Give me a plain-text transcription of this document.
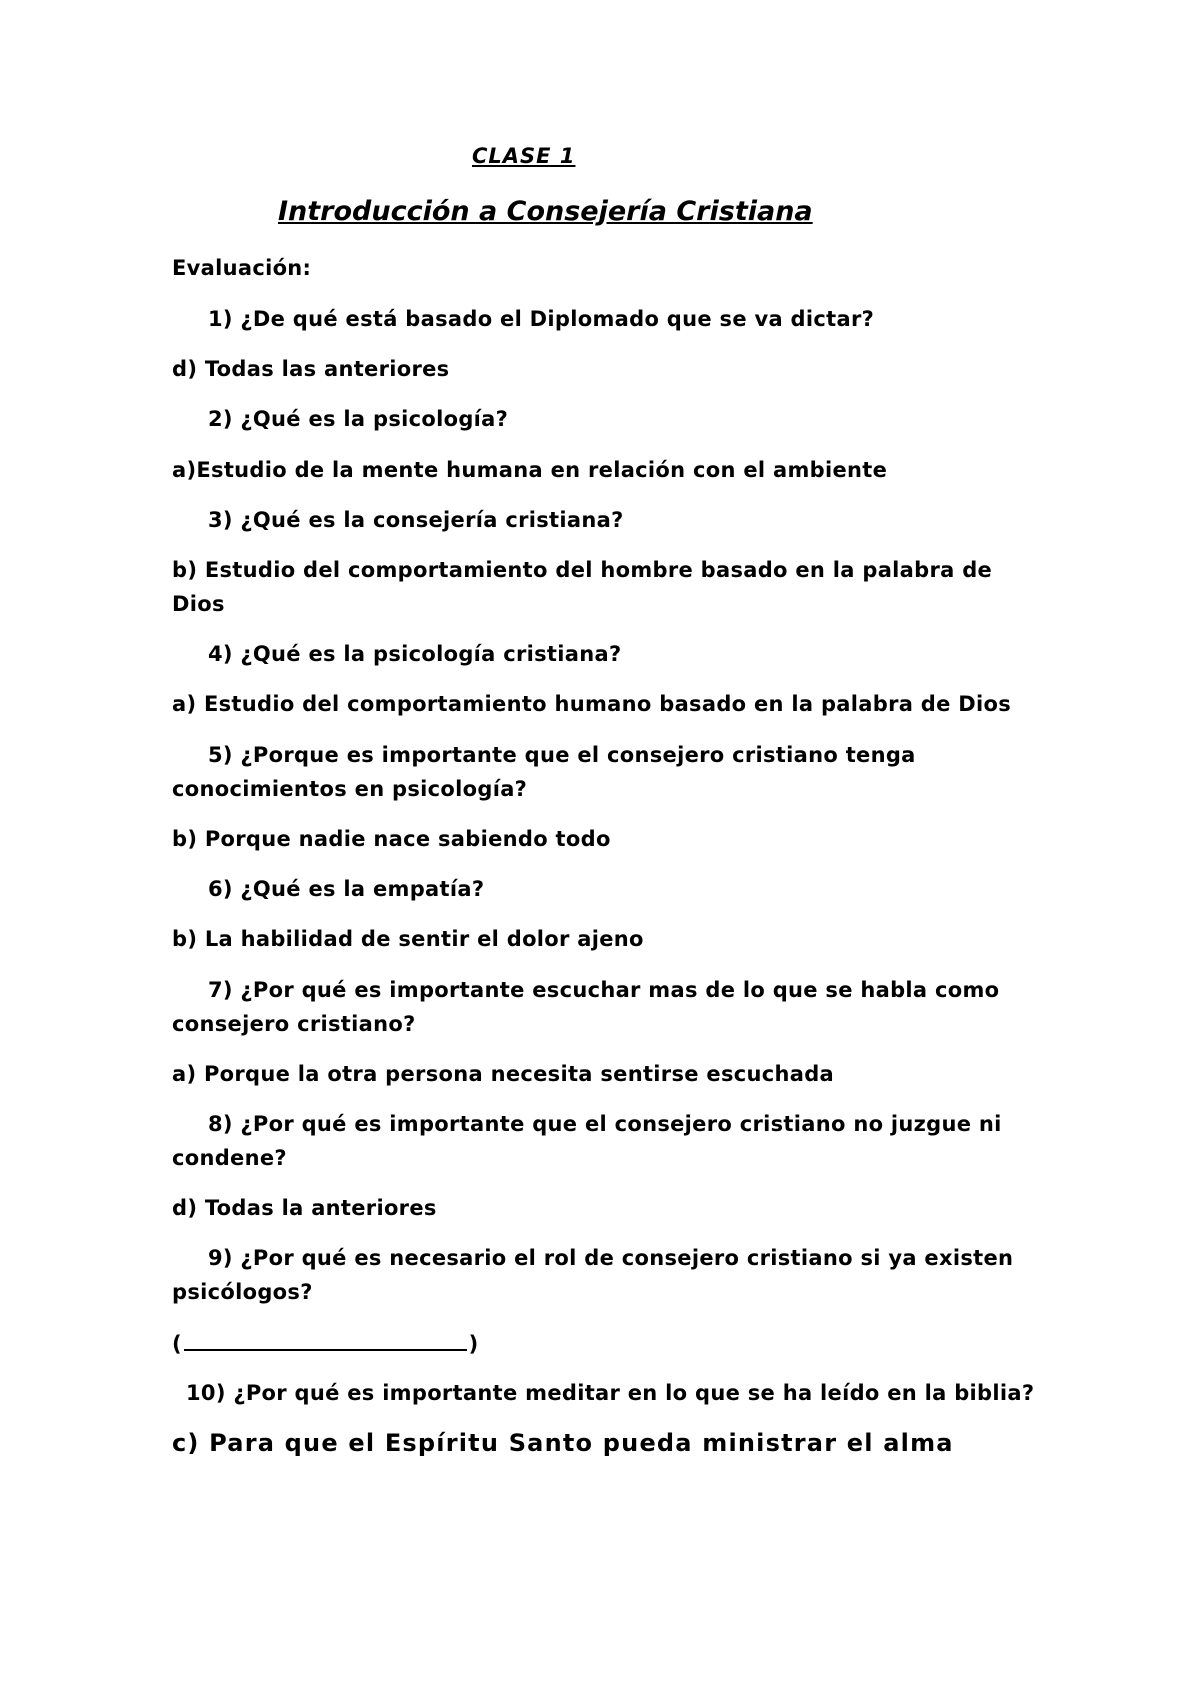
CLASE 1
Introducción a Consejería Cristiana
Evaluación:
1) ¿De qué está basado el Diplomado que se va dictar?
d) Todas las anteriores
2) ¿Qué es la psicología?
a)Estudio de la mente humana en relación con el ambiente
3) ¿Qué es la consejería cristiana?
b) Estudio del comportamiento del hombre basado en la palabra de
Dios
4) ¿Qué es la psicología cristiana?
a) Estudio del comportamiento humano basado en la palabra de Dios
5) ¿Porque es importante que el consejero cristiano tenga
conocimientos en psicología?
b) Porque nadie nace sabiendo todo
6) ¿Qué es la empatía?
b) La habilidad de sentir el dolor ajeno
7) ¿Por qué es importante escuchar mas de lo que se habla como
consejero cristiano?
a) Porque la otra persona necesita sentirse escuchada
8) ¿Por qué es importante que el consejero cristiano no juzgue ni
condene?
d) Todas la anteriores
9) ¿Por qué es necesario el rol de consejero cristiano si ya existen
psicólogos?
(	)
10) ¿Por qué es importante meditar en lo que se ha leído en la biblia?
c) Para que el Espíritu Santo pueda ministrar el alma
